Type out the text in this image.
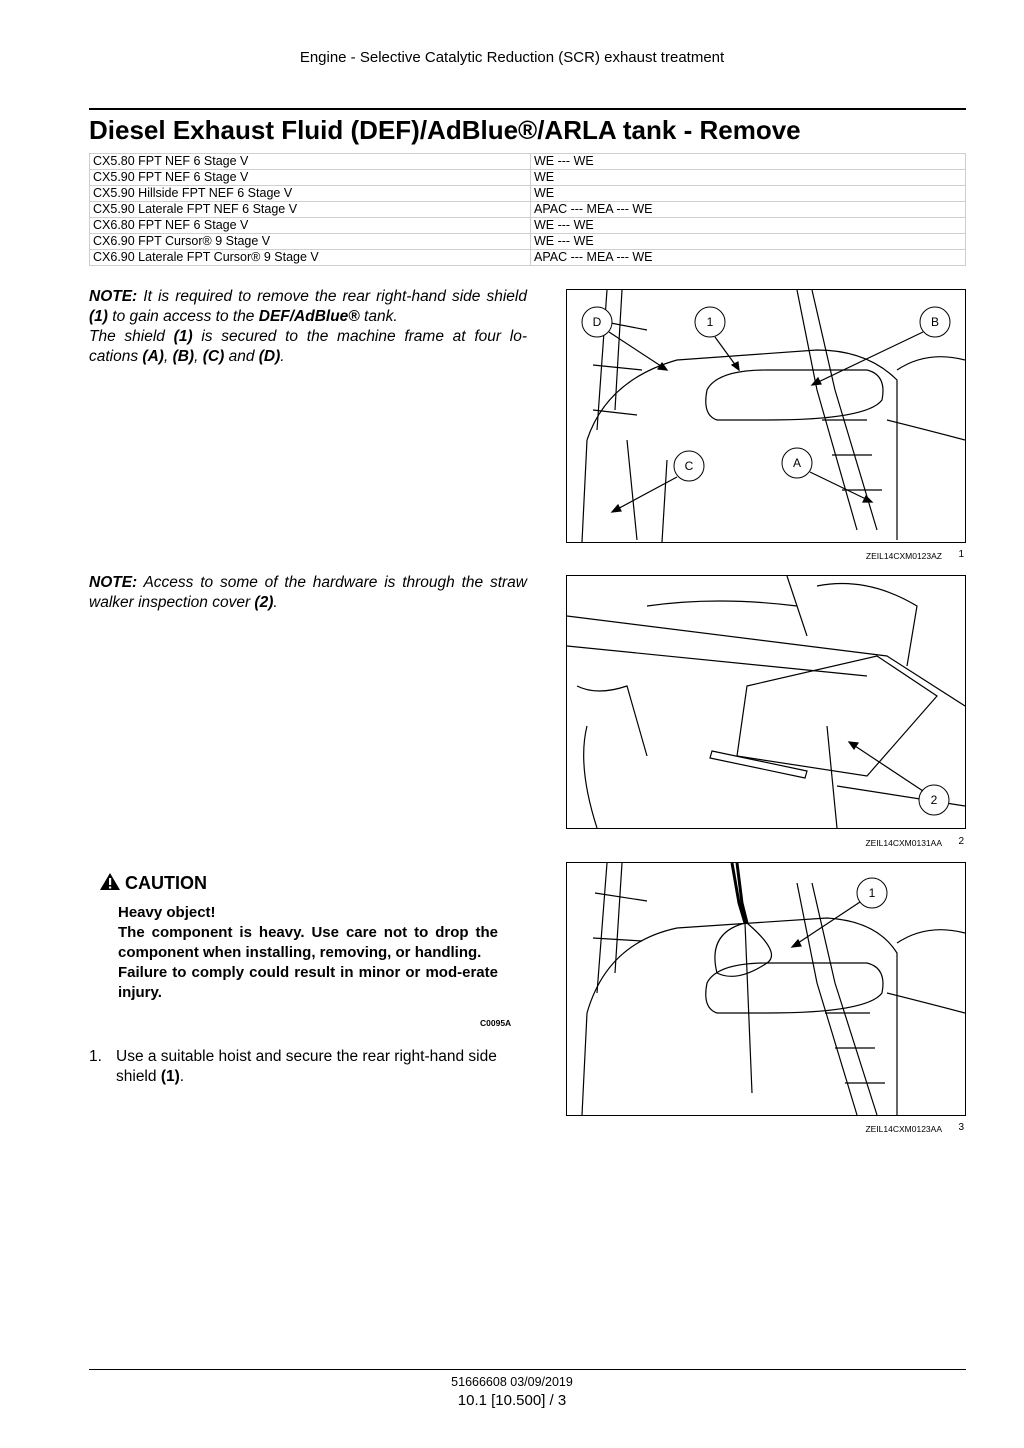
Engine - Selective Catalytic Reduction (SCR) exhaust treatment
Diesel Exhaust Fluid (DEF)/AdBlue®/ARLA tank - Remove
CX5.80 FPT NEF 6 Stage V	WE --- WE
CX5.90 FPT NEF 6 Stage V	WE
CX5.90 Hillside FPT NEF 6 Stage V	WE
CX5.90 Laterale FPT NEF 6 Stage V	APAC --- MEA --- WE
CX6.80 FPT NEF 6 Stage V	WE --- WE
CX6.90 FPT Cursor® 9 Stage V	WE --- WE
CX6.90 Laterale FPT Cursor® 9 Stage V	APAC --- MEA --- WE
NOTE: It is required to remove the rear right-hand side shield (1) to gain access to the DEF/AdBlue® tank.
The shield (1) is secured to the machine frame at four lo-cations (A), (B), (C) and (D).
D	1	B
C	A
ZEIL14CXM0123AZ 1
NOTE: Access to some of the hardware is through the straw walker inspection cover (2).
2
ZEIL14CXM0131AA 2
CAUTION
Heavy object!
The component is heavy. Use care not to drop the component when installing, removing, or handling.
Failure to comply could result in minor or mod-erate injury.
C0095A
1
ZEIL14CXM0123AA 3
1. Use a suitable hoist and secure the rear right-hand side shield (1).
51666608 03/09/2019
10.1 [10.500] / 3
